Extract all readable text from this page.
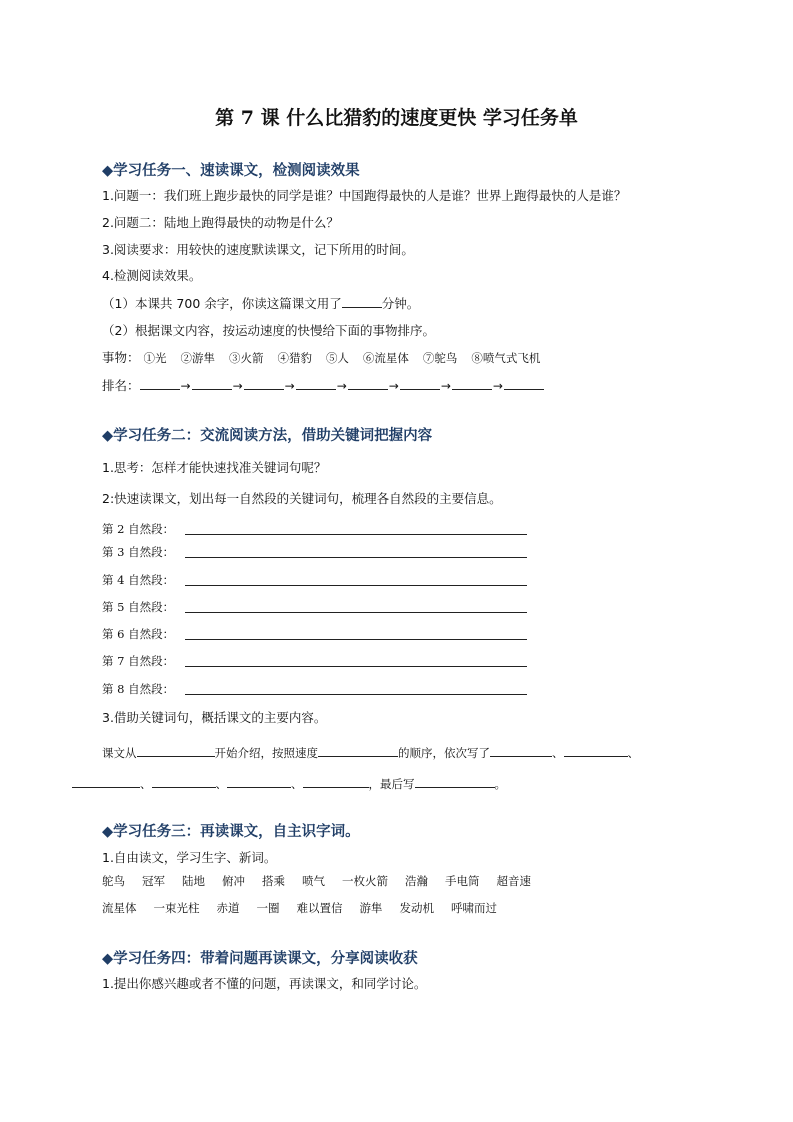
第 7 课 什么比猎豹的速度更快 学习任务单
◆学习任务一、速读课文，检测阅读效果
1.问题一：我们班上跑步最快的同学是谁？中国跑得最快的人是谁？世界上跑得最快的人是谁？
2.问题二：陆地上跑得最快的动物是什么？
3.阅读要求：用较快的速度默读课文，记下所用的时间。
4.检测阅读效果。
（1）本课共 700 余字，你读这篇课文用了	分钟。
（2）根据课文内容，按运动速度的快慢给下面的事物排序。
事物： ①光 ②游隼 ③火箭 ④猎豹 ⑤人 ⑥流星体 ⑦鸵鸟 ⑧喷气式飞机
排名：	→	→	→	→	→	→	→
◆学习任务二：交流阅读方法，借助关键词把握内容
1.思考：怎样才能快速找准关键词句呢？
2:快速读课文，划出每一自然段的关键词句，梳理各自然段的主要信息。
第 2 自然段：
第 3 自然段：
第 4 自然段：
第 5 自然段：
第 6 自然段：
第 7 自然段：
第 8 自然段：
3.借助关键词句，概括课文的主要内容。
课文从	开始介绍，按照速度	的顺序，依次写了	、	、
、	、	、	，最后写	。
◆学习任务三：再读课文，自主识字词。
1.自由读文，学习生字、新词。
鸵鸟 冠军 陆地 俯冲 搭乘 喷气 一枚火箭 浩瀚 手电筒 超音速
流星体 一束光柱 赤道 一圈 难以置信 游隼 发动机 呼啸而过
◆学习任务四：带着问题再读课文，分享阅读收获
1.提出你感兴趣或者不懂的问题，再读课文，和同学讨论。
